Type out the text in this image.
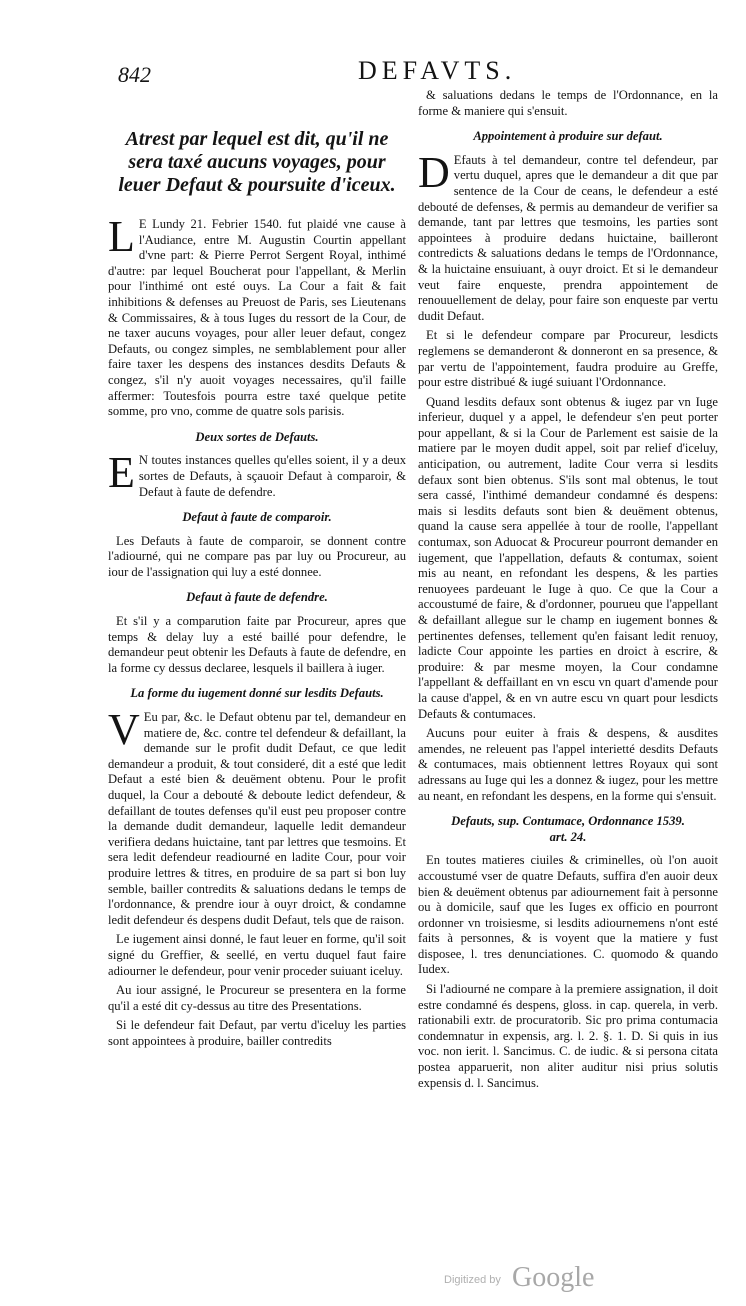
842	DEFAVTS.
Atrest par lequel est dit, qu'il ne sera taxé aucuns voyages, pour leuer Defaut & poursuite d'iceux.

L E Lundy 21. Febrier 1540. fut plaidé vne cause à l'Audiance, entre M. Augustin Courtin appellant d'vne part: & Pierre Perrot Sergent Royal, inthimé d'autre: par lequel Boucherat pour l'appellant, & Merlin pour l'inthimé ont esté ouys. La Cour a fait & fait inhibitions & defenses au Preuost de Paris, ses Lieutenans & Commissaires, & à tous Iuges du ressort de la Cour, de ne taxer aucuns voyages, pour aller leuer defaut, congez Defauts, ou congez simples, ne semblablement pour aller faire taxer les despens des instances desdits Defauts & congez, s'il n'y auoit voyages necessaires, qu'il faille affermer: Toutesfois pourra estre taxé quelque petite somme, pro vno, comme de quatre sols parisis.

Deux sortes de Defauts.

E N toutes instances quelles qu'elles soient, il y a deux sortes de Defauts, à sçauoir Defaut à comparoir, & Defaut à faute de defendre.

Defaut à faute de comparoir.

Les Defauts à faute de comparoir, se donnent contre l'adiourné, qui ne compare pas par luy ou Procureur, au iour de l'assignation qui luy a esté donnee.

Defaut à faute de defendre.

Et s'il y a comparution faite par Procureur, apres que temps & delay luy a esté baillé pour defendre, le demandeur peut obtenir les Defauts à faute de defendre, en la forme cy dessus declaree, lesquels il baillera à iuger.

La forme du iugement donné sur lesdits Defauts.

V Eu par, &c. le Defaut obtenu par tel, demandeur en matiere de, &c. contre tel defendeur & defaillant, la demande sur le profit dudit Defaut, ce que ledit demandeur a produit, & tout consideré, dit a esté que ledit Defaut a esté bien & deuëment obtenu. Pour le profit duquel, la Cour a debouté & deboute ledict defendeur, & defaillant de toutes defenses qu'il eust peu proposer contre la demande dudit demandeur, laquelle ledit demandeur verifiera dedans huictaine, tant par lettres que tesmoins. Et sera ledit defendeur readiourné en ladite Cour, pour voir produire lettres & titres, en produire de sa part si bon luy semble, bailler contredits & saluations dedans le temps de l'ordonnance, & prendre iour à ouyr droict, & condamne ledit defendeur és despens dudit Defaut, tels que de raison.

Le iugement ainsi donné, le faut leuer en forme, qu'il soit signé du Greffier, & seellé, en vertu duquel faut faire adiourner le defendeur, pour venir proceder suiuant iceluy.

Au iour assigné, le Procureur se presentera en la forme qu'il a esté dit cy-dessus au titre des Presentations.

Si le defendeur fait Defaut, par vertu d'iceluy les parties sont appointees à produire, bailler contredits

& saluations dedans le temps de l'Ordonnance, en la forme & maniere qui s'ensuit.

Appointement à produire sur defaut.

D Efauts à tel demandeur, contre tel defendeur, par vertu duquel, apres que le demandeur a dit que par sentence de la Cour de ceans, le defendeur a esté debouté de defenses, & permis au demandeur de verifier sa demande, tant par lettres que tesmoins, les parties sont appointees à produire dedans huictaine, bailleront contredicts & saluations dedans le temps de l'Ordonnance, & la huictaine ensuiuant, à ouyr droict. Et si le demandeur veut faire enqueste, prendra appointement de renouuellement de delay, pour faire son enqueste par vertu dudit Defaut.

Et si le defendeur compare par Procureur, lesdicts reglemens se demanderont & donneront en sa presence, & par vertu de l'appointement, faudra produire au Greffe, pour estre distribué & iugé suiuant l'Ordonnance.

Quand lesdits defaux sont obtenus & iugez par vn Iuge inferieur, duquel y a appel, le defendeur s'en peut porter pour appellant, & si la Cour de Parlement est saisie de la matiere par le moyen dudit appel, soit par relief d'iceluy, anticipation, ou autrement, ladite Cour verra si lesdits defaux sont bien obtenus. S'ils sont mal obtenus, le tout sera cassé, l'inthimé demandeur condamné és despens: mais si lesdits defauts sont bien & deuëment obtenus, quand la cause sera appellée à tour de roolle, l'appellant contumax, son Aduocat & Procureur pourront demander en iugement, que l'appellation, defauts & contumax, soient mis au neant, en refondant les despens, & les parties renuoyees pardeuant le Iuge à quo. Ce que la Cour a accoustumé de faire, & d'ordonner, pourueu que l'appellant & defaillant allegue sur le champ en iugement bonnes & pertinentes defenses, tellement qu'en faisant ledit renuoy, ladicte Cour appointe les parties en droict à escrire, & produire: & par mesme moyen, la Cour condamne l'appellant & deffaillant en vn escu vn quart d'amende pour la cause d'appel, & en vn autre escu vn quart pour lesdicts Defauts & contumaces.

Aucuns pour euiter à frais & despens, & ausdites amendes, ne releuent pas l'appel interietté desdits Defauts & contumaces, mais obtiennent lettres Royaux qui sont adressans au Iuge qui les a donnez & iugez, pour les mettre au neant, en refondant les despens, en la forme qui s'ensuit.

Defauts, sup. Contumace, Ordonnance 1539.
art. 24.

En toutes matieres ciuiles & criminelles, où l'on auoit accoustumé vser de quatre Defauts, suffira d'en auoir deux bien & deuëment obtenus par adiournement fait à personne ou à domicile, sauf que les Iuges ex officio en pourront ordonner vn troisiesme, si lesdits adiournemens n'ont esté faits à personnes, & is voyent que la matiere y fust disposee, l. tres denunciationes. C. quomodo & quando Iudex.

Si l'adiourné ne compare à la premiere assignation, il doit estre condamné és despens, gloss. in cap. querela, in verb. rationabili extr. de procuratorib. Sic pro prima contumacia condemnatur in expensis, arg. l. 2. §. 1. D. Si quis in ius voc. non ierit. l. Sancimus. C. de iudic. & si persona citata postea apparuerit, non aliter auditur nisi prius solutis expensis d. l. Sancimus.

Digitized by Google
